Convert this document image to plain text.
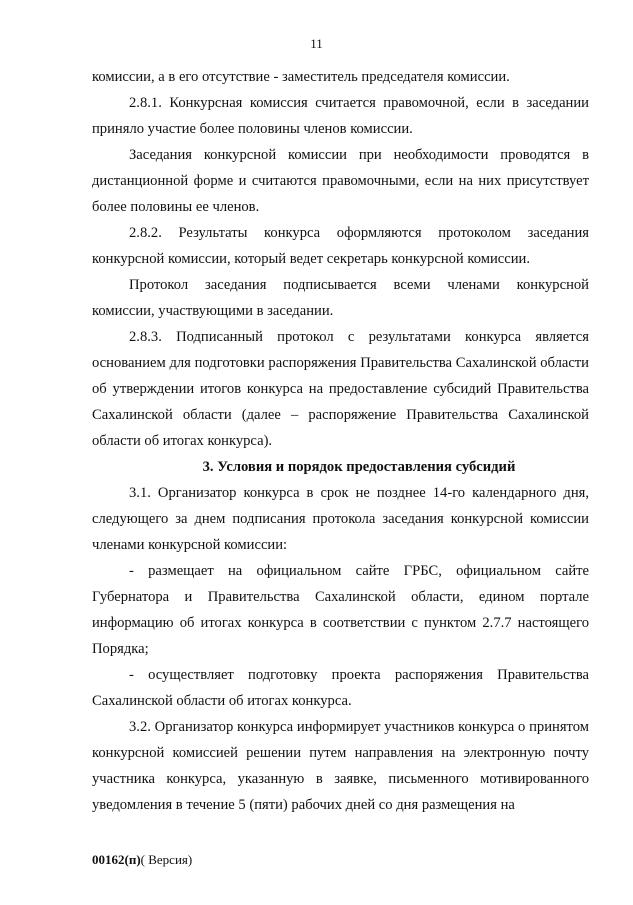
11

комиссии, а в его отсутствие - заместитель председателя комиссии.

2.8.1. Конкурсная комиссия считается правомочной, если в заседании приняло участие более половины членов комиссии.

Заседания конкурсной комиссии при необходимости проводятся в дистанционной форме и считаются правомочными, если на них присутствует более половины ее членов.

2.8.2. Результаты конкурса оформляются протоколом заседания конкурсной комиссии, который ведет секретарь конкурсной комиссии.

Протокол заседания подписывается всеми членами конкурсной комиссии, участвующими в заседании.

2.8.3. Подписанный протокол с результатами конкурса является основанием для подготовки распоряжения Правительства Сахалинской области об утверждении итогов конкурса на предоставление субсидий Правительства Сахалинской области (далее – распоряжение Правительства Сахалинской области об итогах конкурса).

3. Условия и порядок предоставления субсидий

3.1. Организатор конкурса в срок не позднее 14-го календарного дня, следующего за днем подписания протокола заседания конкурсной комиссии членами конкурсной комиссии:

- размещает на официальном сайте ГРБС, официальном сайте Губернатора и Правительства Сахалинской области, едином портале информацию об итогах конкурса в соответствии с пунктом 2.7.7 настоящего Порядка;

- осуществляет подготовку проекта распоряжения Правительства Сахалинской области об итогах конкурса.

3.2. Организатор конкурса информирует участников конкурса о принятом конкурсной комиссией решении путем направления на электронную почту участника конкурса, указанную в заявке, письменного мотивированного уведомления в течение 5 (пяти) рабочих дней со дня размещения на

00162(п)( Версия)
